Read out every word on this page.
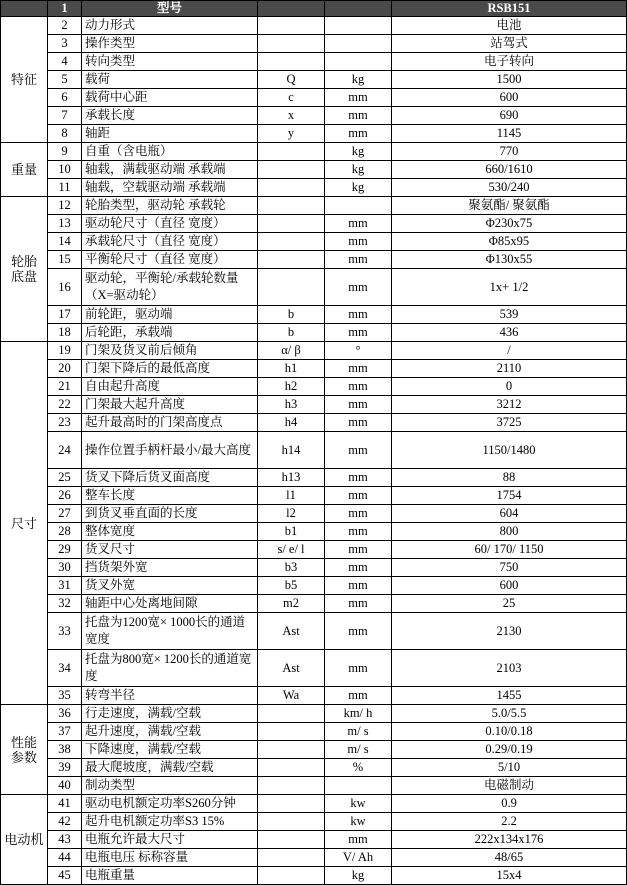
	1	型号			RSB151
特征	2	动力形式			电池
	3	操作类型			站驾式
	4	转向类型			电子转向
	5	载荷	Q	kg	1500
	6	载荷中心距	c	mm	600
	7	承载长度	x	mm	690
	8	轴距	y	mm	1145
重量	9	自重（含电瓶）		kg	770
	10	轴载，满载驱动端 承载端		kg	660/1610
	11	轴载，空载驱动端 承载端		kg	530/240
轮胎
底盘	12	轮胎类型，驱动轮 承载轮			聚氨酯/ 聚氨酯
	13	驱动轮尺寸（直径 宽度）		mm	Φ230x75
	14	承载轮尺寸（直径 宽度）		mm	Φ85x95
	15	平衡轮尺寸（直径 宽度）		mm	Φ130x55
	16	驱动轮，平衡轮/承载轮数量（X=驱动轮）		mm	1x+ 1/2
	17	前轮距，驱动端	b	mm	539
	18	后轮距，承载端	b	mm	436
尺寸	19	门架及货叉前后倾角	α/ β	°	/
	20	门架下降后的最低高度	h1	mm	2110
	21	自由起升高度	h2	mm	0
	22	门架最大起升高度	h3	mm	3212
	23	起升最高时的门架高度点	h4	mm	3725
	24	操作位置手柄杆最小/最大高度	h14	mm	1150/1480
	25	货叉下降后货叉面高度	h13	mm	88
	26	整车长度	l1	mm	1754
	27	到货叉垂直面的长度	l2	mm	604
	28	整体宽度	b1	mm	800
	29	货叉尺寸	s/ e/ l	mm	60/ 170/ 1150
	30	挡货架外宽	b3	mm	750
	31	货叉外宽	b5	mm	600
	32	轴距中心处离地间隙	m2	mm	25
	33	托盘为1200宽× 1000长的通道宽度	Ast	mm	2130
	34	托盘为800宽× 1200长的通道宽度	Ast	mm	2103
	35	转弯半径	Wa	mm	1455
性能
参数	36	行走速度，满载/空载		km/ h	5.0/5.5
	37	起升速度，满载/空载		m/ s	0.10/0.18
	38	下降速度，满载/空载		m/ s	0.29/0.19
	39	最大爬坡度，满载/空载		%	5/10
	40	制动类型			电磁制动
电动机	41	驱动电机额定功率S260分钟		kw	0.9
	42	起升电机额定功率S3 15%		kw	2.2
	43	电瓶允许最大尺寸		mm	222x134x176
	44	电瓶电压 标称容量		V/ Ah	48/65
	45	电瓶重量		kg	15x4
